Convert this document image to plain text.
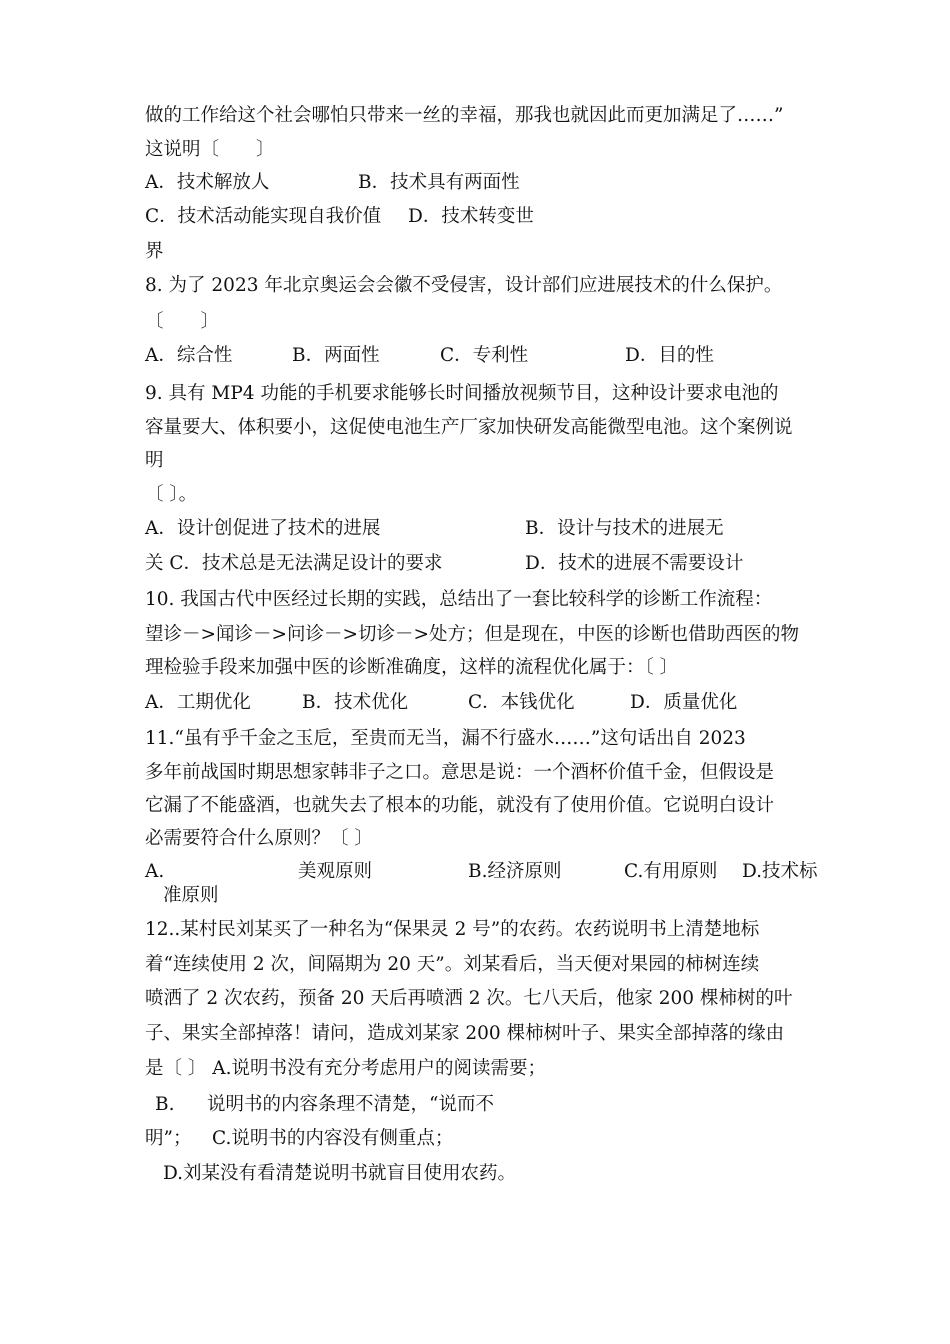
做的工作给这个社会哪怕只带来一丝的幸福，那我也就因此而更加满足了……”
这说明〔　　〕
A．技术解放人	B．技术具有两面性
C．技术活动能实现自我价值 D．技术转变世
界
8. 为了 2023 年北京奥运会会徽不受侵害，设计部们应进展技术的什么保护。
〔　　〕
A．综合性	B．两面性	C．专利性	D．目的性
9. 具有 MP4 功能的手机要求能够长时间播放视频节目，这种设计要求电池的
容量要大、体积要小，这促使电池生产厂家加快研发高能微型电池。这个案例说
明
〔 〕。
A．设计创促进了技术的进展	B．设计与技术的进展无
关 C．技术总是无法满足设计的要求	D．技术的进展不需要设计
10. 我国古代中医经过长期的实践，总结出了一套比较科学的诊断工作流程：
望诊－>闻诊－>问诊－>切诊－>处方；但是现在，中医的诊断也借助西医的物
理检验手段来加强中医的诊断准确度，这样的流程优化属于：〔 〕
A．工期优化	B．技术优化	C．本钱优化	D．质量优化
11.“虽有乎千金之玉卮，至贵而无当，漏不行盛水……”这句话出自 2023
多年前战国时期思想家韩非子之口。意思是说：一个酒杯价值千金，但假设是
它漏了不能盛酒，也就失去了根本的功能，就没有了使用价值。它说明白设计
必需要符合什么原则？〔 〕
A.	美观原则	B.经济原则	C.有用原则 D.技术标
准原则
12..某村民刘某买了一种名为“保果灵 2 号”的农药。农药说明书上清楚地标
着“连续使用 2 次，间隔期为 20 天”。刘某看后，当天便对果园的柿树连续
喷洒了 2 次农药，预备 20 天后再喷洒 2 次。七八天后，他家 200 棵柿树的叶
子、果实全部掉落！请问，造成刘某家 200 棵柿树叶子、果实全部掉落的缘由
是〔 〕 A.说明书没有充分考虑用户的阅读需要；
B. 说明书的内容条理不清楚，“说而不
明”； C.说明书的内容没有侧重点；
D.刘某没有看清楚说明书就盲目使用农药。
